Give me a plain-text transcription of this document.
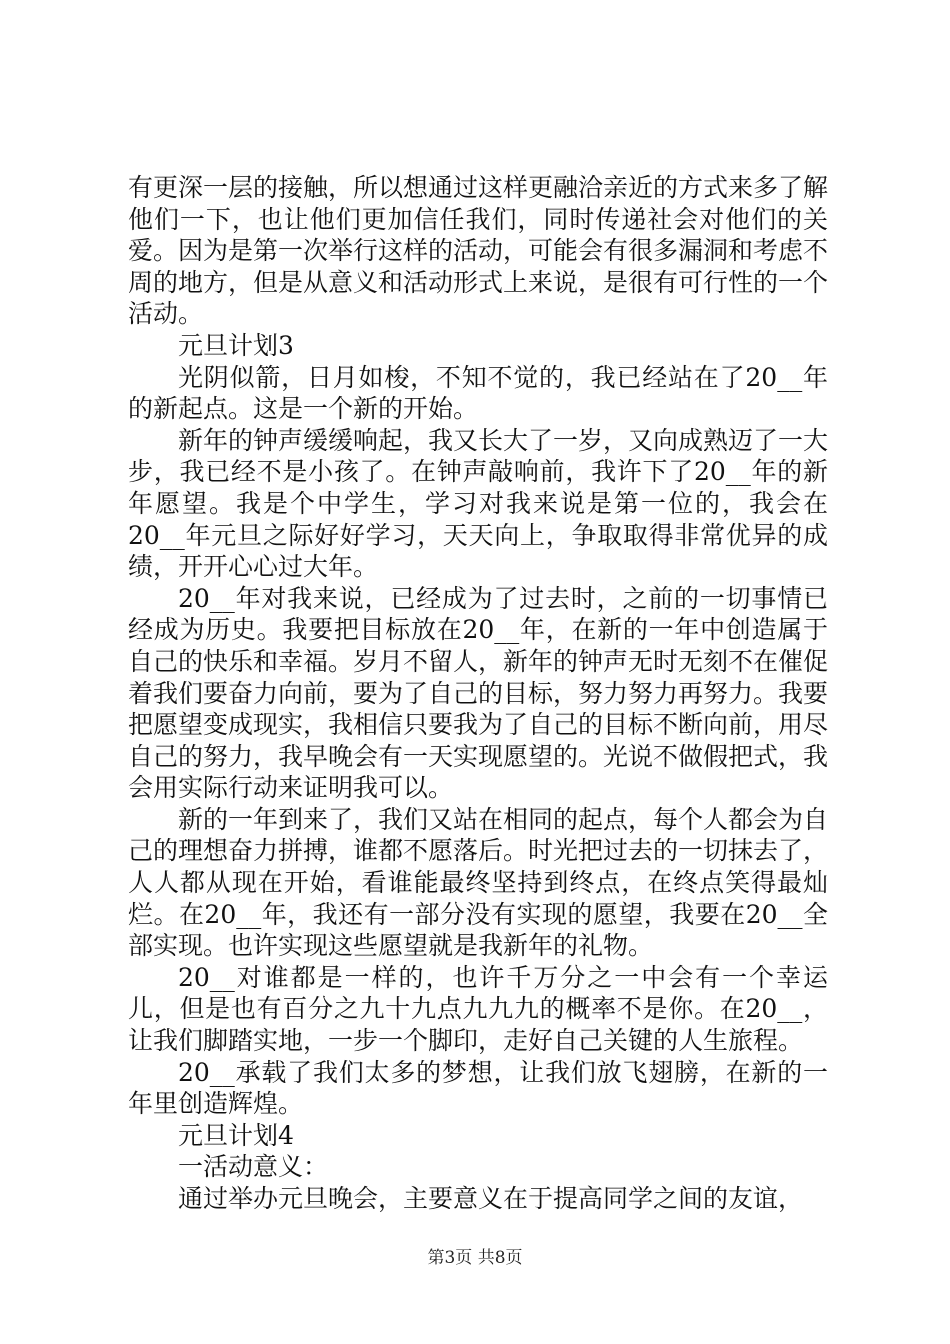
有更深一层的接触，所以想通过这样更融洽亲近的方式来多了解他们一下，也让他们更加信任我们，同时传递社会对他们的关爱。因为是第一次举行这样的活动，可能会有很多漏洞和考虑不周的地方，但是从意义和活动形式上来说，是很有可行性的一个活动。

元旦计划3

光阴似箭，日月如梭，不知不觉的，我已经站在了20__年的新起点。这是一个新的开始。

新年的钟声缓缓响起，我又长大了一岁，又向成熟迈了一大步，我已经不是小孩了。在钟声敲响前，我许下了20__年的新年愿望。我是个中学生，学习对我来说是第一位的，我会在20__年元旦之际好好学习，天天向上，争取取得非常优异的成绩，开开心心过大年。

20__年对我来说，已经成为了过去时，之前的一切事情已经成为历史。我要把目标放在20__年，在新的一年中创造属于自己的快乐和幸福。岁月不留人，新年的钟声无时无刻不在催促着我们要奋力向前，要为了自己的目标，努力努力再努力。我要把愿望变成现实，我相信只要我为了自己的目标不断向前，用尽自己的努力，我早晚会有一天实现愿望的。光说不做假把式，我会用实际行动来证明我可以。

新的一年到来了，我们又站在相同的起点，每个人都会为自己的理想奋力拼搏，谁都不愿落后。时光把过去的一切抹去了，人人都从现在开始，看谁能最终坚持到终点，在终点笑得最灿烂。在20__年，我还有一部分没有实现的愿望，我要在20__全部实现。也许实现这些愿望就是我新年的礼物。

20__对谁都是一样的，也许千万分之一中会有一个幸运儿，但是也有百分之九十九点九九九的概率不是你。在20__，让我们脚踏实地，一步一个脚印，走好自己关键的人生旅程。

20__承载了我们太多的梦想，让我们放飞翅膀，在新的一年里创造辉煌。

元旦计划4

一活动意义：

通过举办元旦晚会，主要意义在于提高同学之间的友谊，

第3页 共8页
